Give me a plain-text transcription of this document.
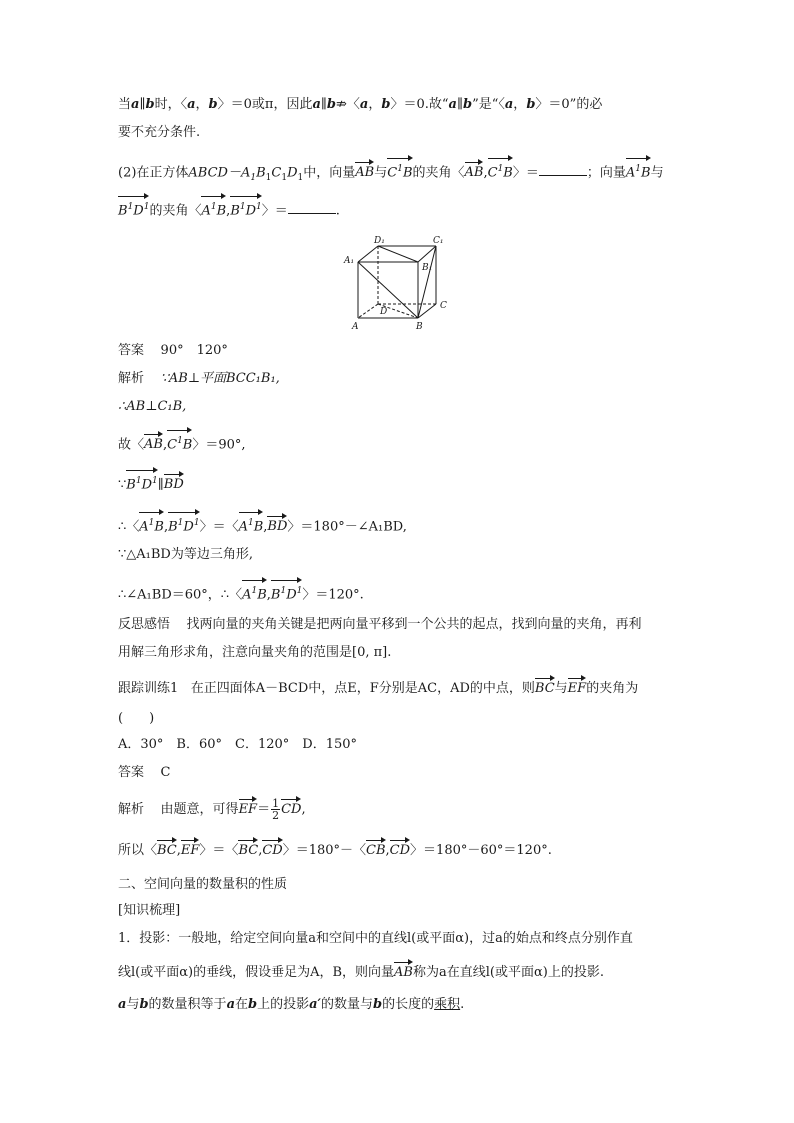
当a∥b时，〈a，b〉＝0或π，因此a∥b⇏〈a，b〉＝0.故“a∥b”是“〈a，b〉＝0”的必
要不充分条件.
(2)在正方体$ABCD-A_1B_1C_1D_1$中，向量AB与$C^1B$的夹角〈$AB,C^1B$〉＝	；向量$A^1B$与
$B^1D^1$的夹角〈$A^1B,B^1D^1$〉＝	.
D₁	C₁
A₁
B₁
D
C
A	B
答案 90°　120°
解析 ∵AB⊥平面BCC₁B₁,
∴AB⊥C₁B,
故〈$AB,C^1B$〉＝90°,
$\because B^1D^1\parallel BD$
∴〈$A^1B,B^1D^1$〉＝〈$A^1B,BD$〉＝180°－∠A₁BD,
∵△A₁BD为等边三角形,
∴∠A₁BD＝60°，∴〈$A^1B,B^1D^1$〉＝120°.
反思感悟 找两向量的夹角关键是把两向量平移到一个公共的起点，找到向量的夹角，再利
用解三角形求角，注意向量夹角的范围是[0, π].
跟踪训练1 在正四面体A－BCD中，点E，F分别是AC，AD的中点，则BC与EF的夹角为
(　　)
A．30°　B．60°　C．120°　D．150°
答案 C
解析 由题意，可得$EF= \frac{1}{2}$ CD,
所以〈BC,EF〉＝〈BC,CD〉＝180°－〈CB,CD〉＝180°－60°＝120°.
二、空间向量的数量积的性质
[知识梳理]
1．投影：一般地，给定空间向量a和空间中的直线l(或平面α)，过a的始点和终点分别作直
线l(或平面α)的垂线，假设垂足为A，B，则向量AB称为a在直线l(或平面α)上的投影.
a与b的数量积等于a在b上的投影a′的数量与b的长度的乘积.
